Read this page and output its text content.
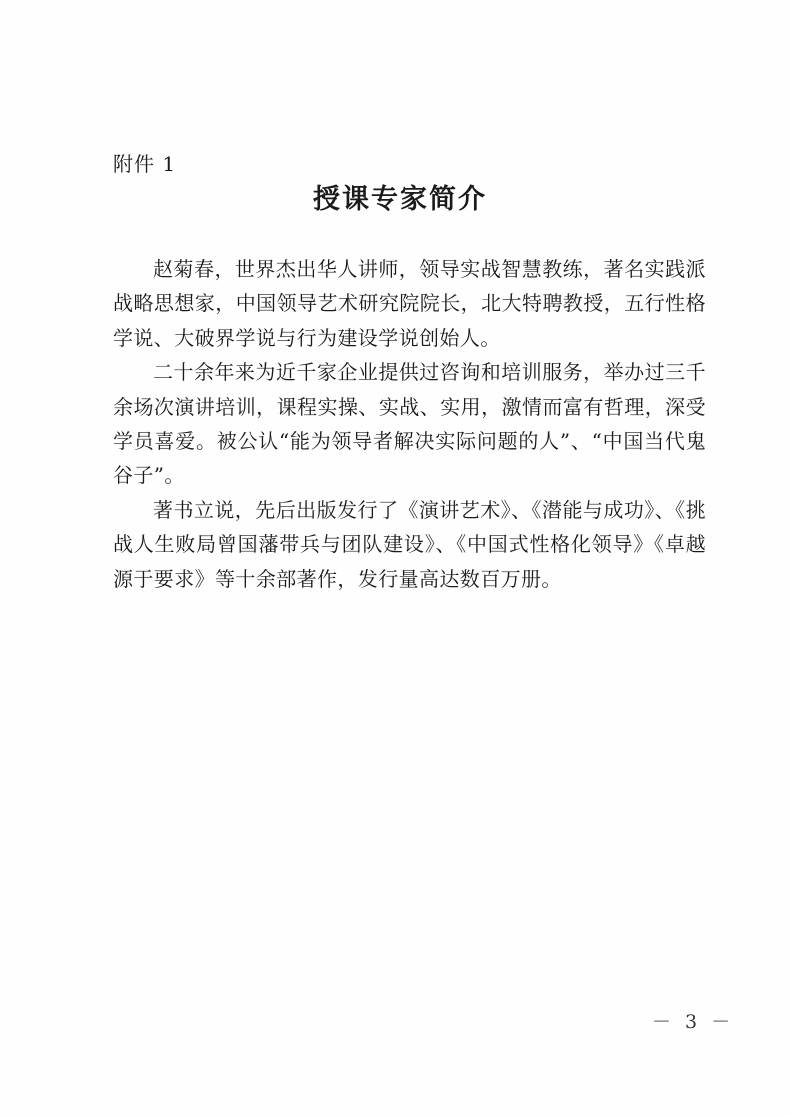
附件 1
授课专家简介

赵菊春，世界杰出华人讲师，领导实战智慧教练，著名实践派战略思想家，中国领导艺术研究院院长，北大特聘教授，五行性格学说、大破界学说与行为建设学说创始人。

二十余年来为近千家企业提供过咨询和培训服务，举办过三千余场次演讲培训，课程实操、实战、实用，激情而富有哲理，深受学员喜爱。被公认“能为领导者解决实际问题的人”、“中国当代鬼谷子”。

著书立说，先后出版发行了《演讲艺术》、《潜能与成功》、《挑战人生败局曾国藩带兵与团队建设》、《中国式性格化领导》《卓越源于要求》等十余部著作，发行量高达数百万册。

－ 3 －
